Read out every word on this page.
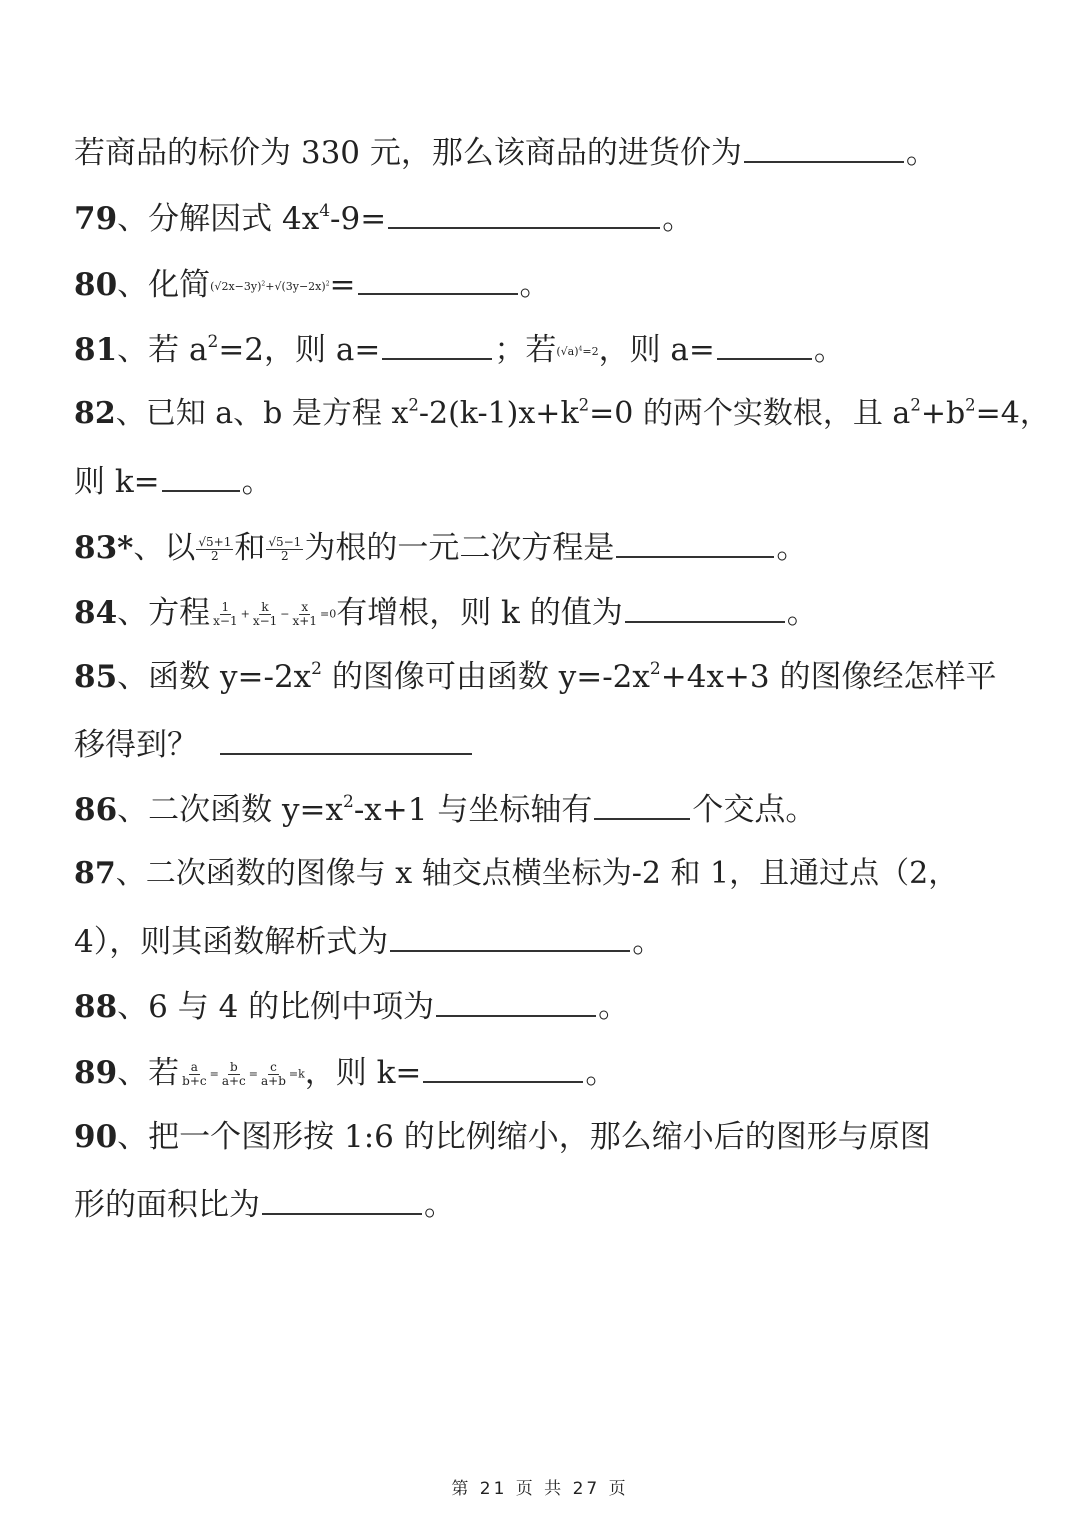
若商品的标价为 330 元，那么该商品的进货价为	。
79、分解因式 $4x^4-9=$	。
80、化简$(√2x-3y)^2+√(3y-2x)^2=$	。
81、若 $a^2=2$，则 a=	；若$(√a)^4=2$，则 a=	。
82、已知 a、b 是方程 $x^2-2(k-1)x+k^2=0$ 的两个实数根，且 $a^2+b^2=4$，
则 k=	。
83*、以 $\frac{√5+1}{2}$ 和 $\frac{√5-1}{2}$ 为根的一元二次方程是	。
84、方程 $\frac{1}{x-1} + \frac{k}{x-1} - \frac{x}{x+1} =0$有增根，则 k 的值为	。
85、函数 $y=-2x^2$ 的图像可由函数 $y=-2x^2+4x+3$ 的图像经怎样平
移得到？
86、二次函数 $y=x^2-x+1$ 与坐标轴有	个交点。
87、二次函数的图像与 x 轴交点横坐标为-2 和 1，且通过点（2，
4），则其函数解析式为	。
88、6 与 4 的比例中项为	。
89、若 $\frac{a}{b+c} = \frac{b}{a+c} = \frac{c}{a+b} =k$，则 k=	。
90、把一个图形按 1:6 的比例缩小，那么缩小后的图形与原图
形的面积比为	。
第 21 页 共 27 页
